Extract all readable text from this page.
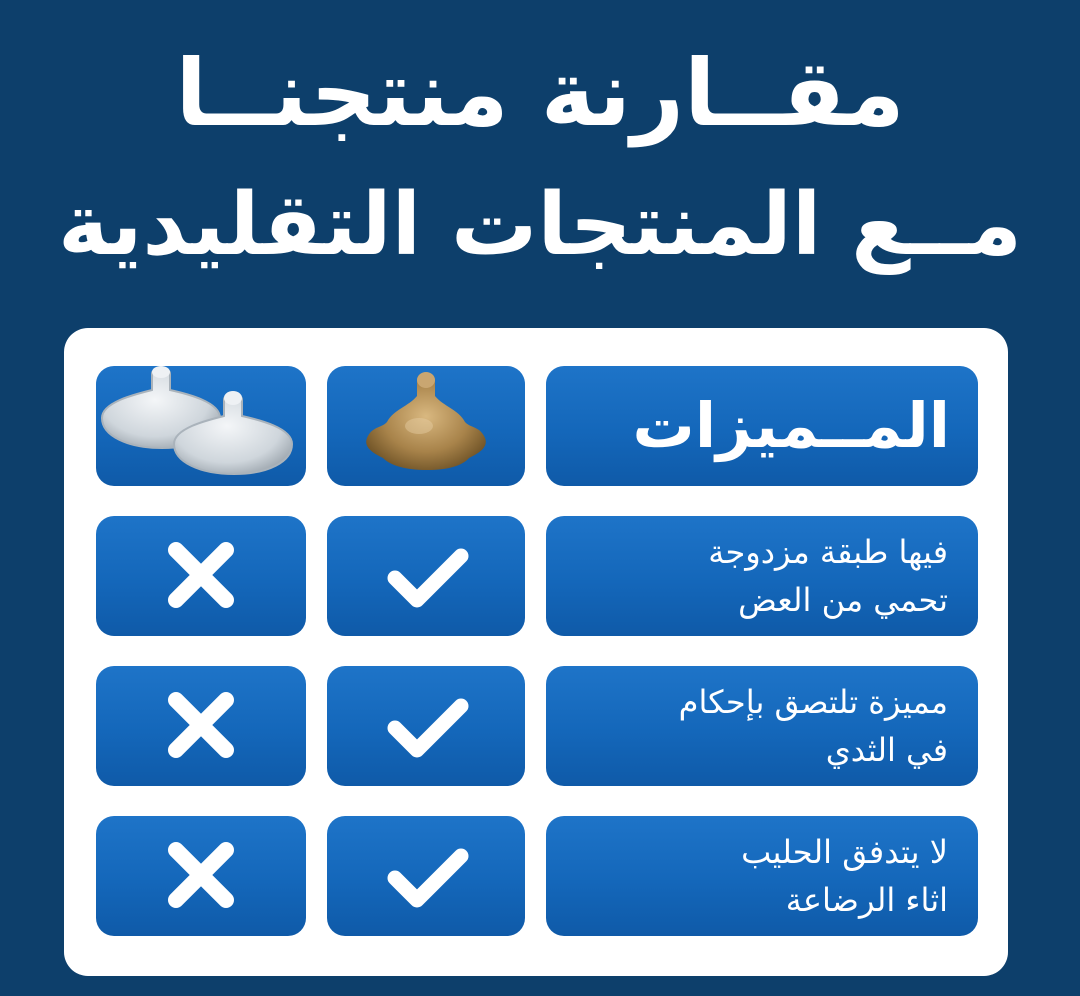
مقــارنة منتجنــا
مــع المنتجات التقليدية
المــميزات
فيها طبقة مزدوجة
تحمي من العض
مميزة تلتصق بإحكام
في الثدي
لا يتدفق الحليب
اثاء الرضاعة
